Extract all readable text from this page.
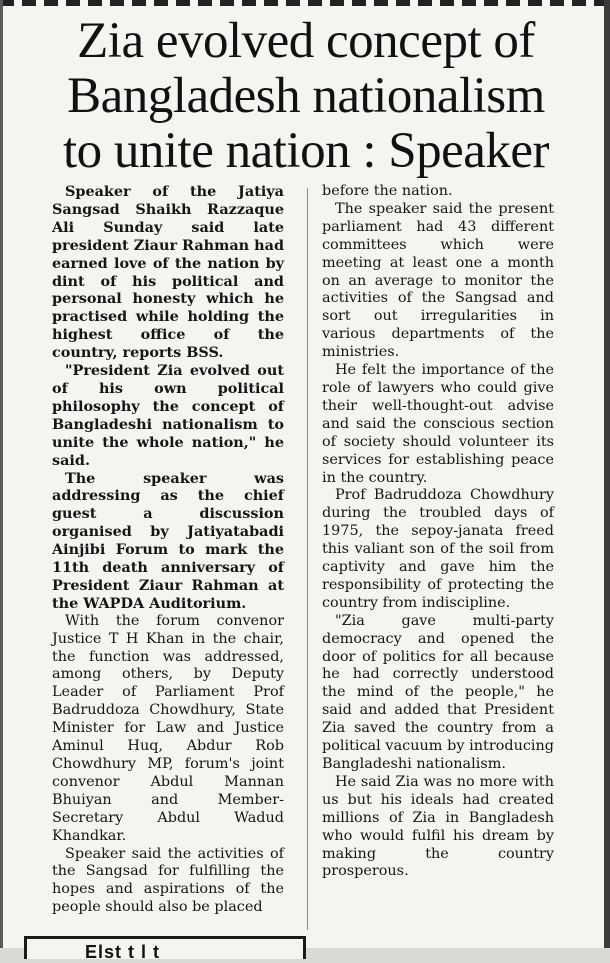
Zia evolved concept of
Bangladesh nationalism
to unite nation : Speaker

Speaker of the Jatiya Sangsad Shaikh Razzaque Ali Sunday said late president Ziaur Rahman had earned love of the nation by dint of his political and personal honesty which he practised while holding the highest office of the country, reports BSS.

"President Zia evolved out of his own political philosophy the concept of Bangladeshi nationalism to unite the whole nation," he said.

The speaker was addressing as the chief guest a discussion organised by Jatiyatabadi Ainjibi Forum to mark the 11th death anniversary of President Ziaur Rahman at the WAPDA Auditorium.

With the forum convenor Justice T H Khan in the chair, the function was addressed, among others, by Deputy Leader of Parliament Prof Badruddoza Chowdhury, State Minister for Law and Justice Aminul Huq, Abdur Rob Chowdhury MP, forum's joint convenor Abdul Mannan Bhuiyan and Member-Secretary Abdul Wadud Khandkar.

Speaker said the activities of the Sangsad for fulfilling the hopes and aspirations of the people should also be placed

before the nation.

The speaker said the present parliament had 43 different committees which were meeting at least one a month on an average to monitor the activities of the Sangsad and sort out irregularities in various departments of the ministries.

He felt the importance of the role of lawyers who could give their well-thought-out advise and said the conscious section of society should volunteer its services for establishing peace in the country.

Prof Badruddoza Chowdhury during the troubled days of 1975, the sepoy-janata freed this valiant son of the soil from captivity and gave him the responsibility of protecting the country from indiscipline.

"Zia gave multi-party democracy and opened the door of politics for all because he had correctly understood the mind of the people," he said and added that President Zia saved the country from a political vacuum by introducing Bangladeshi nationalism.

He said Zia was no more with us but his ideals had created millions of Zia in Bangladesh who would fulfil his dream by making the country prosperous.

Elst t l t
